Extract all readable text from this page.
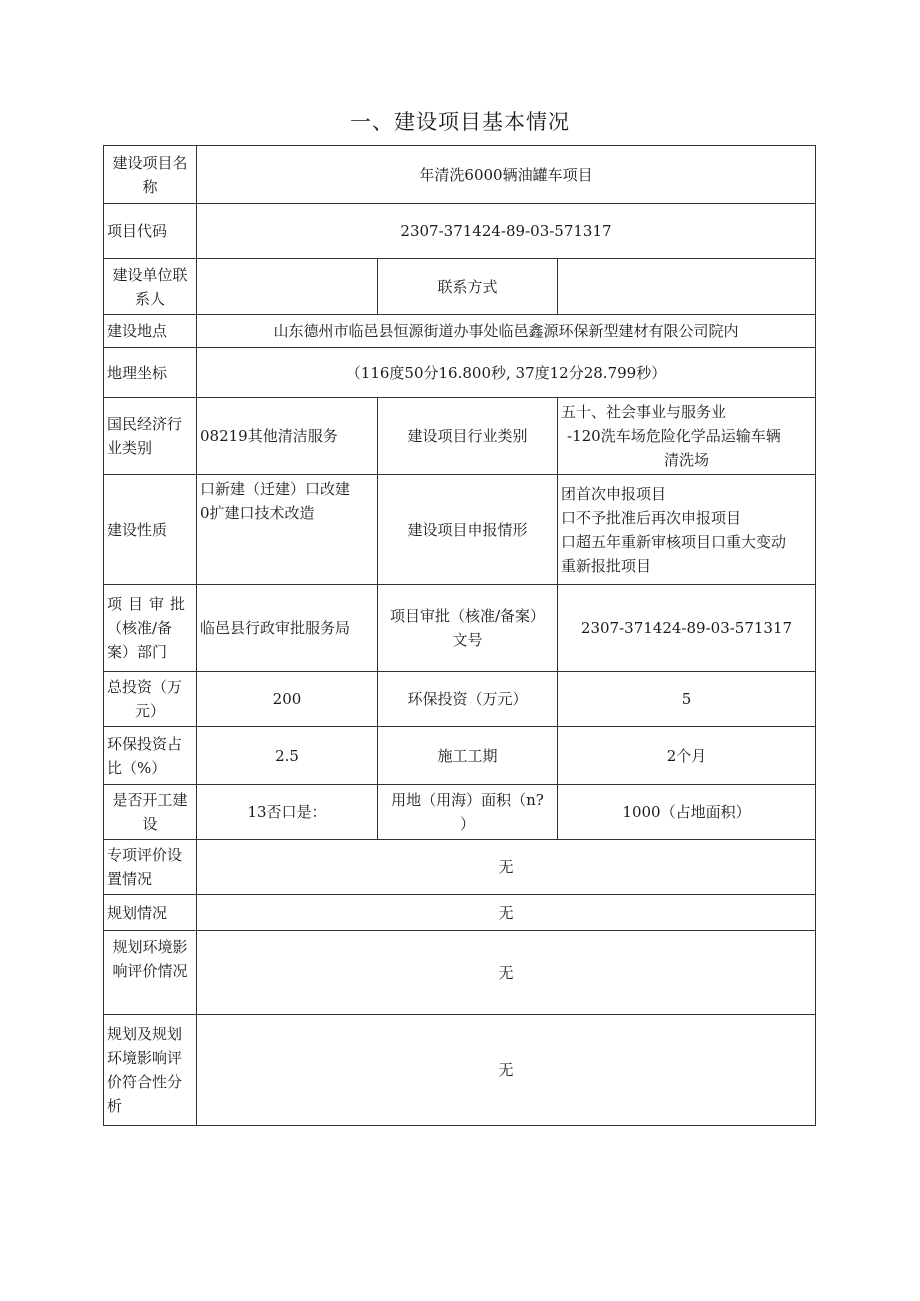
一、建设项目基本情况
建设项目名
称	年清洗6000辆油罐车项目		
项目代码	2307-371424-89-03-571317		

建设单位联
系人		联系方式	
建设地点	山东德州市临邑县恒源街道办事处临邑鑫源环保新型建材有限公司院内		
地理坐标	（116度50分16.800秒, 37度12分28.799秒）		

国民经济行
业类别	08219其他清洁服务	建设项目行业类别	五十、社会事业与服务业
-120洗车场危险化学品运输车辆
清洗场

建设性质	口新建（迁建）口改建
0扩建口技术改造	建设项目申报情形	团首次申报项目
口不予批准后再次申报项目
口超五年重新审核项目口重大变动
重新报批项目

项目审批
（核准/备
案）部门	临邑县行政审批服务局	项目审批（核准/备案）
文号	2307-371424-89-03-571317

总投资（万
元）	200	环保投资（万元）	5

环保投资占
比（%）	2.5	施工工期	2个月

是否开工建
设	13否口是：	用地（用海）面积（n?
）	1000（占地面积）

专项评价设
置情况	无		
规划情况	无		

规划环境影
响评价情况	无		

规划及规划
环境影响评
价符合性分
析	无		
